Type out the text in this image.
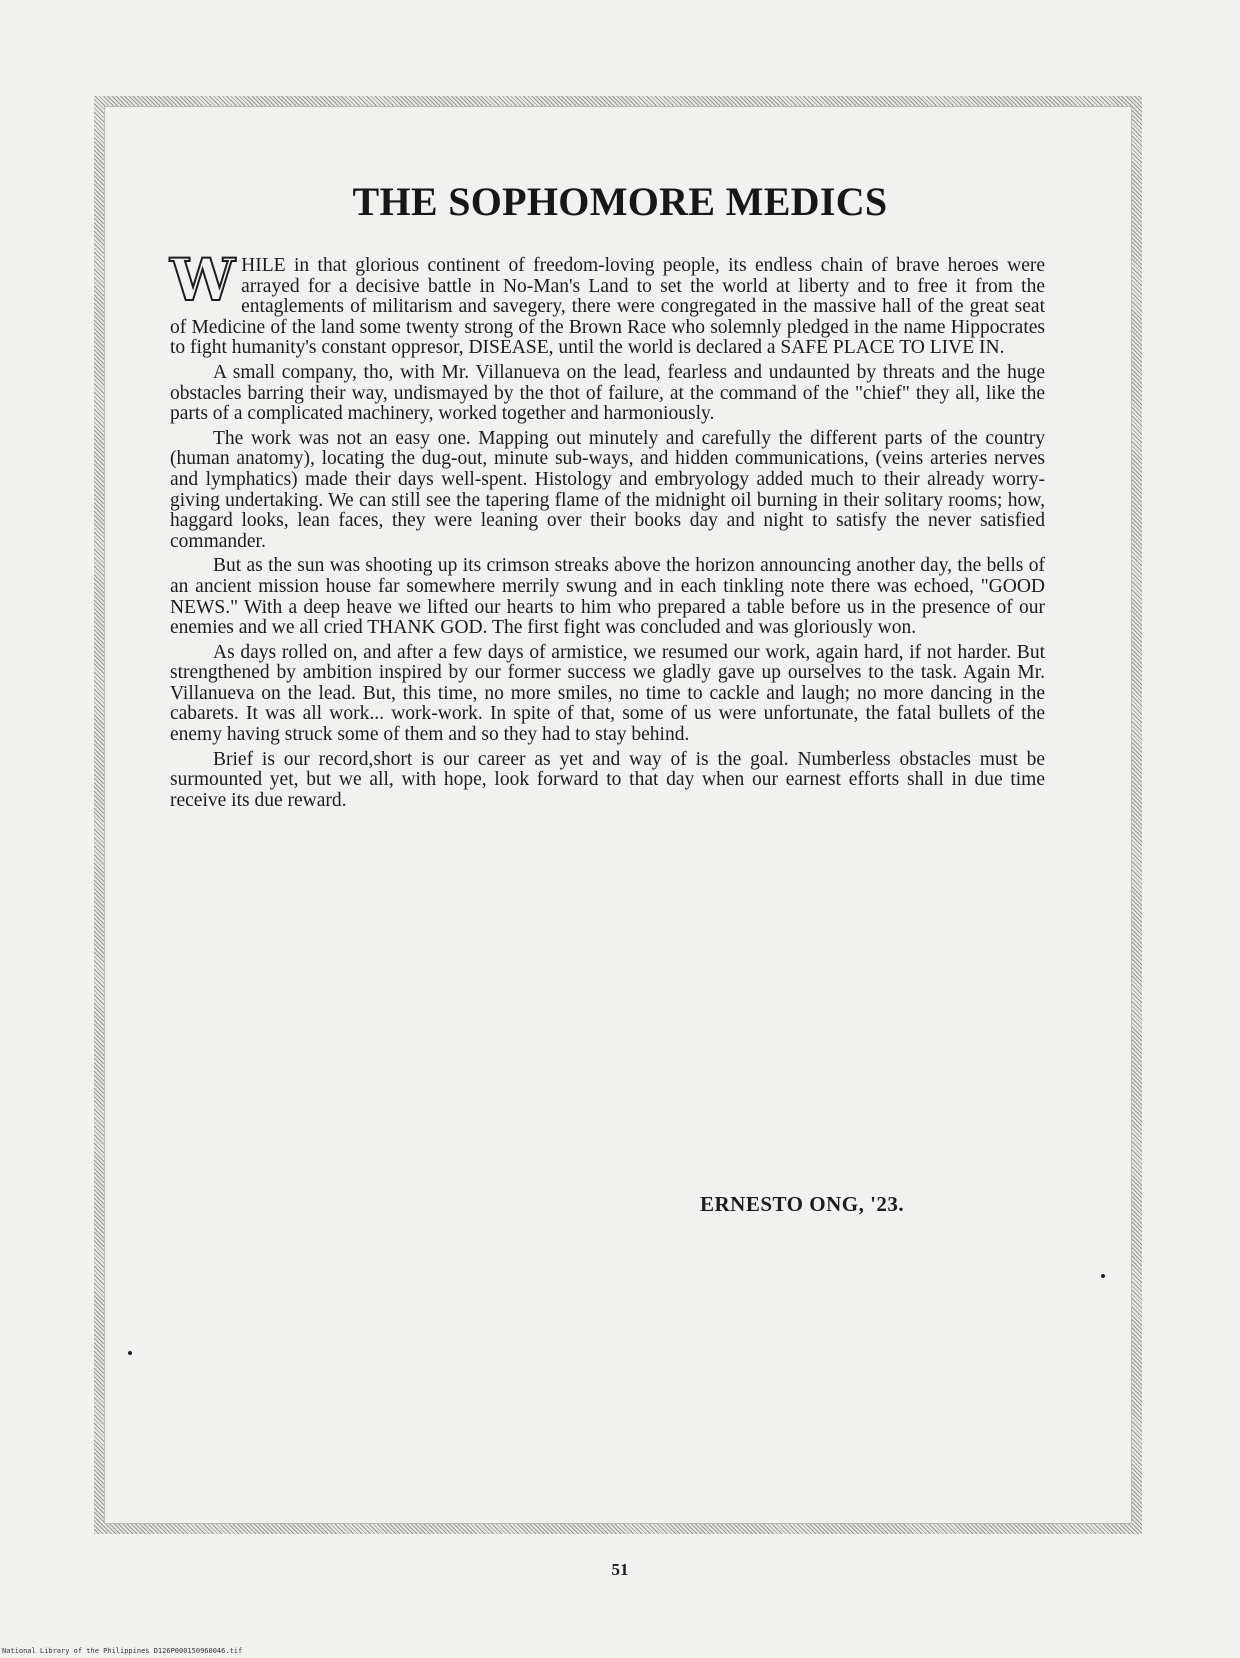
THE SOPHOMORE MEDICS

WHILE in that glorious continent of freedom-loving people, its endless chain of brave heroes were arrayed for a decisive battle in No-Man's Land to set the world at liberty and to free it from the entaglements of militarism and savegery, there were congregated in the massive hall of the great seat of Medicine of the land some twenty strong of the Brown Race who solemnly pledged in the name Hippocrates to fight humanity's constant oppresor, DISEASE, until the world is declared a SAFE PLACE TO LIVE IN.

A small company, tho, with Mr. Villanueva on the lead, fearless and undaunted by threats and the huge obstacles barring their way, undismayed by the thot of failure, at the command of the "chief" they all, like the parts of a complicated machinery, worked together and harmoniously.

The work was not an easy one. Mapping out minutely and carefully the different parts of the country (human anatomy), locating the dug-out, minute sub-ways, and hidden communications, (veins arteries nerves and lymphatics) made their days well-spent. Histology and embryology added much to their already worry-giving undertaking. We can still see the tapering flame of the midnight oil burning in their solitary rooms; how, haggard looks, lean faces, they were leaning over their books day and night to satisfy the never satisfied commander.

But as the sun was shooting up its crimson streaks above the horizon announcing another day, the bells of an ancient mission house far somewhere merrily swung and in each tinkling note there was echoed, "GOOD NEWS." With a deep heave we lifted our hearts to him who prepared a table before us in the presence of our enemies and we all cried THANK GOD. The first fight was concluded and was gloriously won.

As days rolled on, and after a few days of armistice, we resumed our work, again hard, if not harder. But strengthened by ambition inspired by our former success we gladly gave up ourselves to the task. Again Mr. Villanueva on the lead. But, this time, no more smiles, no time to cackle and laugh; no more dancing in the cabarets. It was all work... work-work. In spite of that, some of us were unfortunate, the fatal bullets of the enemy having struck some of them and so they had to stay behind.

Brief is our record,short is our career as yet and way of is the goal. Numberless obstacles must be surmounted yet, but we all, with hope, look forward to that day when our earnest efforts shall in due time receive its due reward.

ERNESTO ONG, '23.

51
National Library of the Philippines D126P000150960046.tif
